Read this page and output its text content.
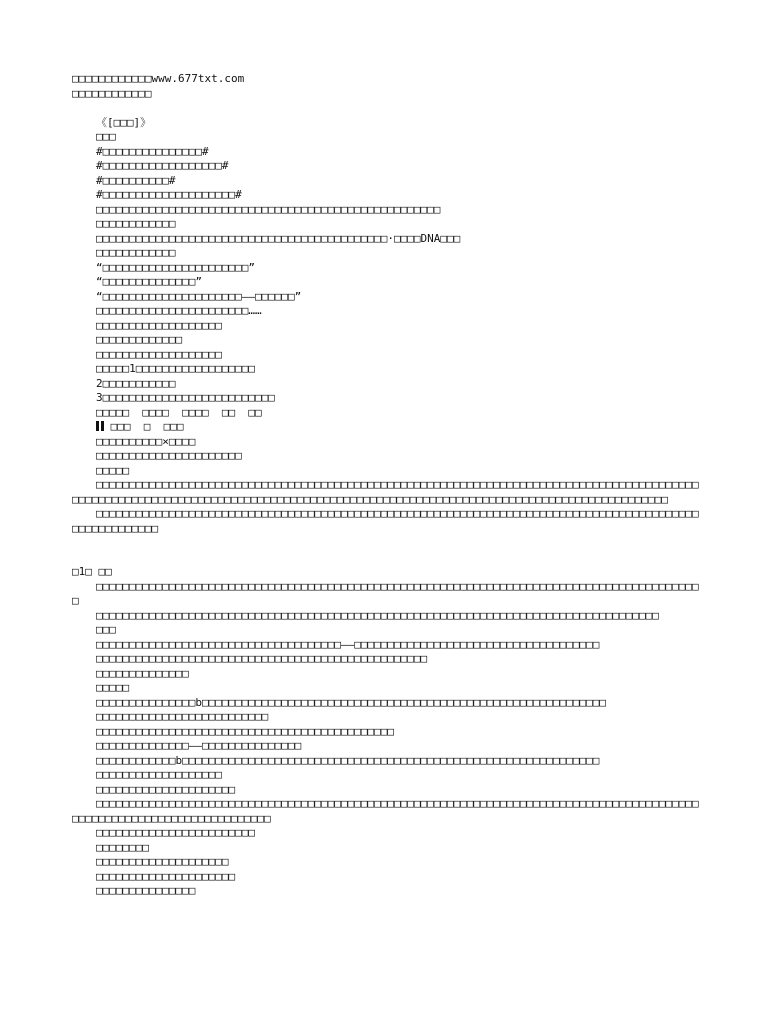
□□□□□□□□□□□□www.677txt.com
□□□□□□□□□□□□
《[□□□]》
□□□
#□□□□□□□□□□□□□□□#
#□□□□□□□□□□□□□□□□□□#
#□□□□□□□□□□#
#□□□□□□□□□□□□□□□□□□□□#
□□□□□□□□□□□□□□□□□□□□□□□□□□□□□□□□□□□□□□□□□□□□□□□□□□□□
□□□□□□□□□□□□
□□□□□□□□□□□□□□□□□□□□□□□□□□□□□□□□□□□□□□□□□□□□·□□□□DNA□□□
□□□□□□□□□□□□
“□□□□□□□□□□□□□□□□□□□□□□”
“□□□□□□□□□□□□□□”
“□□□□□□□□□□□□□□□□□□□□□——□□□□□□”
□□□□□□□□□□□□□□□□□□□□□□□……
□□□□□□□□□□□□□□□□□□□
□□□□□□□□□□□□□
□□□□□□□□□□□□□□□□□□□
□□□□□1□□□□□□□□□□□□□□□□□□
2□□□□□□□□□□□
3□□□□□□□□□□□□□□□□□□□□□□□□□□
□□□□□  □□□□  □□□□  □□  □□
□□□  □  □□□
□□□□□□□□□□×□□□□
□□□□□□□□□□□□□□□□□□□□□□
□□□□□
□□□□□□□□□□□□□□□□□□□□□□□□□□□□□□□□□□□□□□□□□□□□□□□□□□□□□□□□□□□□□□□□□□□□□□□□□□□□□□□□□□□□□□□□□□□□□□□□□□□□□□□□□□□□□□□□□□□□□□□□□□□□□□□□□□□□□□□□□□□□□□□□□□□□□□□□□□□□□□□□□□□□□□□□□□□□□□□□□□□□□
□□□□□□□□□□□□□□□□□□□□□□□□□□□□□□□□□□□□□□□□□□□□□□□□□□□□□□□□□□□□□□□□□□□□□□□□□□□□□□□□□□□□□□□□□□□□□□□□□□□□□□□□
□1□ □□
□□□□□□□□□□□□□□□□□□□□□□□□□□□□□□□□□□□□□□□□□□□□□□□□□□□□□□□□□□□□□□□□□□□□□□□□□□□□□□□□□□□□□□□□□□□□
□□□□□□□□□□□□□□□□□□□□□□□□□□□□□□□□□□□□□□□□□□□□□□□□□□□□□□□□□□□□□□□□□□□□□□□□□□□□□□□□□□□□□
□□□
□□□□□□□□□□□□□□□□□□□□□□□□□□□□□□□□□□□□□——□□□□□□□□□□□□□□□□□□□□□□□□□□□□□□□□□□□□□
□□□□□□□□□□□□□□□□□□□□□□□□□□□□□□□□□□□□□□□□□□□□□□□□□□
□□□□□□□□□□□□□□
□□□□□
□□□□□□□□□□□□□□□b□□□□□□□□□□□□□□□□□□□□□□□□□□□□□□□□□□□□□□□□□□□□□□□□□□□□□□□□□□□□□
□□□□□□□□□□□□□□□□□□□□□□□□□□
□□□□□□□□□□□□□□□□□□□□□□□□□□□□□□□□□□□□□□□□□□□□□
□□□□□□□□□□□□□□——□□□□□□□□□□□□□□□
□□□□□□□□□□□□b□□□□□□□□□□□□□□□□□□□□□□□□□□□□□□□□□□□□□□□□□□□□□□□□□□□□□□□□□□□□□□□
□□□□□□□□□□□□□□□□□□□
□□□□□□□□□□□□□□□□□□□□□
□□□□□□□□□□□□□□□□□□□□□□□□□□□□□□□□□□□□□□□□□□□□□□□□□□□□□□□□□□□□□□□□□□□□□□□□□□□□□□□□□□□□□□□□□□□□□□□□□□□□□□□□□□□□□□□□□□□□□□□□□
□□□□□□□□□□□□□□□□□□□□□□□□
□□□□□□□□
□□□□□□□□□□□□□□□□□□□□
□□□□□□□□□□□□□□□□□□□□□
□□□□□□□□□□□□□□□
